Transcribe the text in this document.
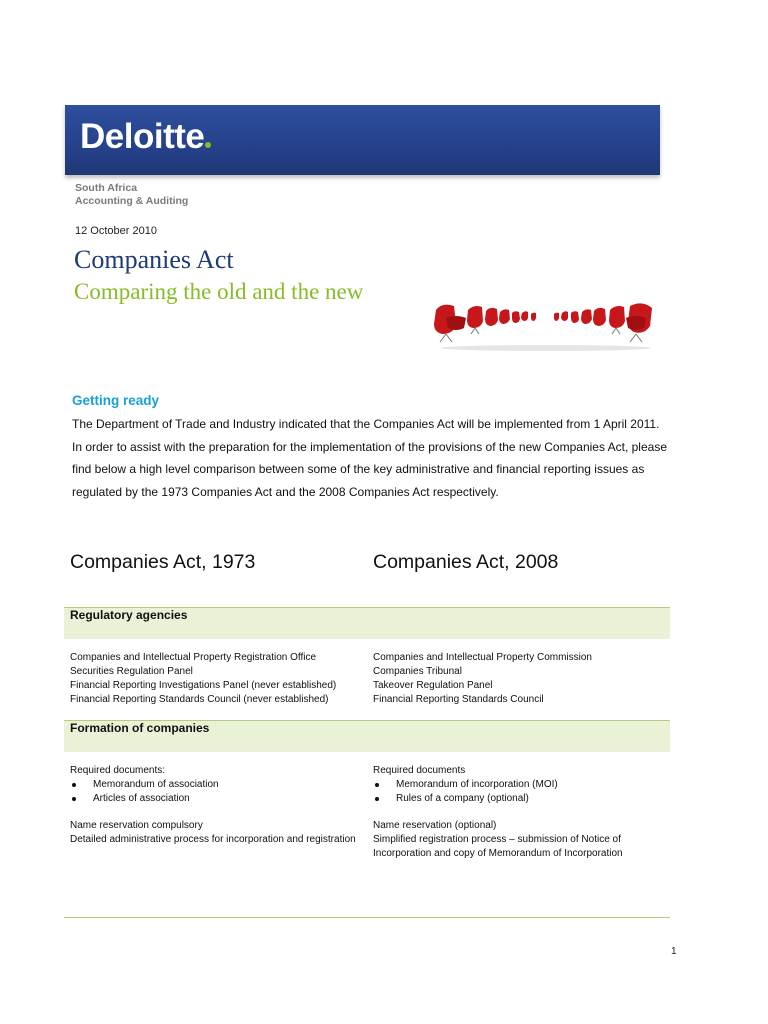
Deloitte
South Africa
Accounting & Auditing
12 October 2010
Companies Act
Comparing the old and the new
Getting ready
The Department of Trade and Industry indicated that the Companies Act will be implemented from 1 April 2011. In order to assist with the preparation for the implementation of the provisions of the new Companies Act, please find below a high level comparison between some of the key administrative and financial reporting issues as regulated by the 1973 Companies Act and the 2008 Companies Act respectively.
Companies Act, 1973	Companies Act, 2008
Regulatory agencies
Companies and Intellectual Property Registration Office
Securities Regulation Panel
Financial Reporting Investigations Panel (never established)
Financial Reporting Standards Council (never established)
Companies and Intellectual Property Commission
Companies Tribunal
Takeover Regulation Panel
Financial Reporting Standards Council
Formation of companies
Required documents:
Memorandum of association
Articles of association
Name reservation compulsory
Detailed administrative process for incorporation and registration
Required documents
Memorandum of incorporation (MOI)
Rules of a company (optional)
Name reservation (optional)
Simplified registration process – submission of Notice of
Incorporation and copy of Memorandum of Incorporation
1
